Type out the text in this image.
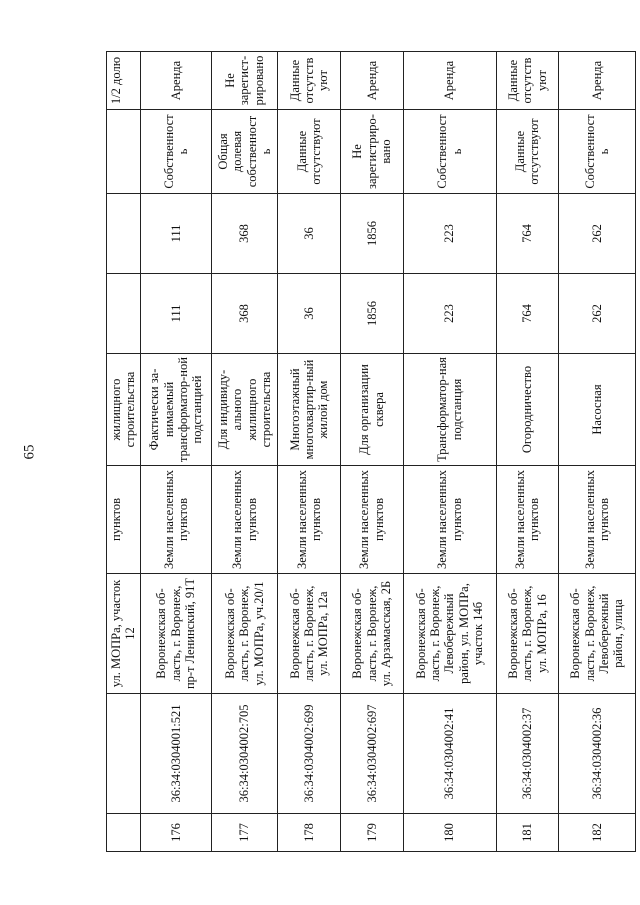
65
		ул. МОПРа, участок 12	пунктов	жилищного строительства				1/2 долю
176	36:34:0304001:521	Воронежская об-ласть, г. Воронеж, пр-т Ленинский, 91Т	Земли населенных пунктов	Фактически за-нимаемый трансформатор-ной подстанцией	111	111	Собственность	Аренда
177	36:34:0304002:705	Воронежская об-ласть, г. Воронеж, ул. МОПРа, уч.20/1	Земли населенных пунктов	Для индивиду-ального жилищного строительства	368	368	Общая долевая собственность	Не зарегист-рировано
178	36:34:0304002:699	Воронежская об-ласть, г. Воронеж, ул. МОПРа, 12а	Земли населенных пунктов	Многоэтажный многоквартир-ный жилой дом	36	36	Данные отсутствуют	Данные отсутствуют
179	36:34:0304002:697	Воронежская об-ласть, г. Воронеж, ул. Арзамасская, 2Б	Земли населенных пунктов	Для организации сквера	1856	1856	Не зарегистриро-вано	Аренда
180	36:34:0304002:41	Воронежская об-ласть, г. Воронеж, Левобережный район, ул. МОПРа, участок 14б	Земли населенных пунктов	Трансформатор-ная подстанция	223	223	Собственность	Аренда
181	36:34:0304002:37	Воронежская об-ласть, г. Воронеж, ул. МОПРа, 16	Земли населенных пунктов	Огородничество	764	764	Данные отсутствуют	Данные отсутствуют
182	36:34:0304002:36	Воронежская об-ласть, г. Воронеж, Левобережный район, улица	Земли населенных пунктов	Насосная	262	262	Собственность	Аренда
